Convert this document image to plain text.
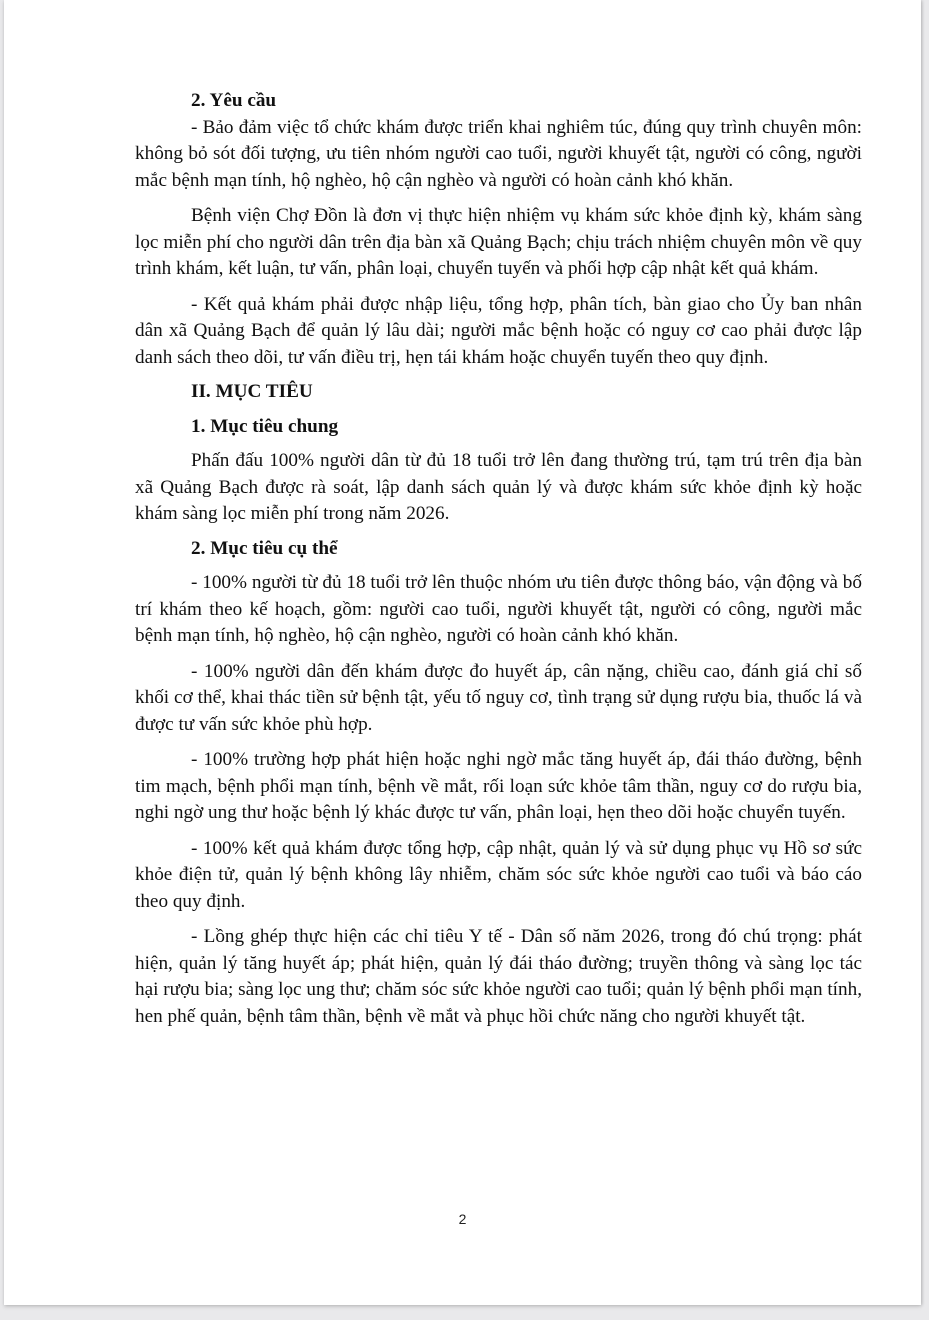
2. Yêu cầu

- Bảo đảm việc tổ chức khám được triển khai nghiêm túc, đúng quy trình chuyên môn: không bỏ sót đối tượng, ưu tiên nhóm người cao tuổi, người khuyết tật, người có công, người mắc bệnh mạn tính, hộ nghèo, hộ cận nghèo và người có hoàn cảnh khó khăn.

Bệnh viện Chợ Đồn là đơn vị thực hiện nhiệm vụ khám sức khỏe định kỳ, khám sàng lọc miễn phí cho người dân trên địa bàn xã Quảng Bạch; chịu trách nhiệm chuyên môn về quy trình khám, kết luận, tư vấn, phân loại, chuyển tuyến và phối hợp cập nhật kết quả khám.

- Kết quả khám phải được nhập liệu, tổng hợp, phân tích, bàn giao cho Ủy ban nhân dân xã Quảng Bạch để quản lý lâu dài; người mắc bệnh hoặc có nguy cơ cao phải được lập danh sách theo dõi, tư vấn điều trị, hẹn tái khám hoặc chuyển tuyến theo quy định.

II. MỤC TIÊU

1. Mục tiêu chung

Phấn đấu 100% người dân từ đủ 18 tuổi trở lên đang thường trú, tạm trú trên địa bàn xã Quảng Bạch được rà soát, lập danh sách quản lý và được khám sức khỏe định kỳ hoặc khám sàng lọc miễn phí trong năm 2026.

2. Mục tiêu cụ thể

- 100% người từ đủ 18 tuổi trở lên thuộc nhóm ưu tiên được thông báo, vận động và bố trí khám theo kế hoạch, gồm: người cao tuổi, người khuyết tật, người có công, người mắc bệnh mạn tính, hộ nghèo, hộ cận nghèo, người có hoàn cảnh khó khăn.

- 100% người dân đến khám được đo huyết áp, cân nặng, chiều cao, đánh giá chỉ số khối cơ thể, khai thác tiền sử bệnh tật, yếu tố nguy cơ, tình trạng sử dụng rượu bia, thuốc lá và được tư vấn sức khỏe phù hợp.

- 100% trường hợp phát hiện hoặc nghi ngờ mắc tăng huyết áp, đái tháo đường, bệnh tim mạch, bệnh phổi mạn tính, bệnh về mắt, rối loạn sức khỏe tâm thần, nguy cơ do rượu bia, nghi ngờ ung thư hoặc bệnh lý khác được tư vấn, phân loại, hẹn theo dõi hoặc chuyển tuyến.

- 100% kết quả khám được tổng hợp, cập nhật, quản lý và sử dụng phục vụ Hồ sơ sức khỏe điện tử, quản lý bệnh không lây nhiễm, chăm sóc sức khỏe người cao tuổi và báo cáo theo quy định.

- Lồng ghép thực hiện các chỉ tiêu Y tế - Dân số năm 2026, trong đó chú trọng: phát hiện, quản lý tăng huyết áp; phát hiện, quản lý đái tháo đường; truyền thông và sàng lọc tác hại rượu bia; sàng lọc ung thư; chăm sóc sức khỏe người cao tuổi; quản lý bệnh phổi mạn tính, hen phế quản, bệnh tâm thần, bệnh về mắt và phục hồi chức năng cho người khuyết tật.

2
